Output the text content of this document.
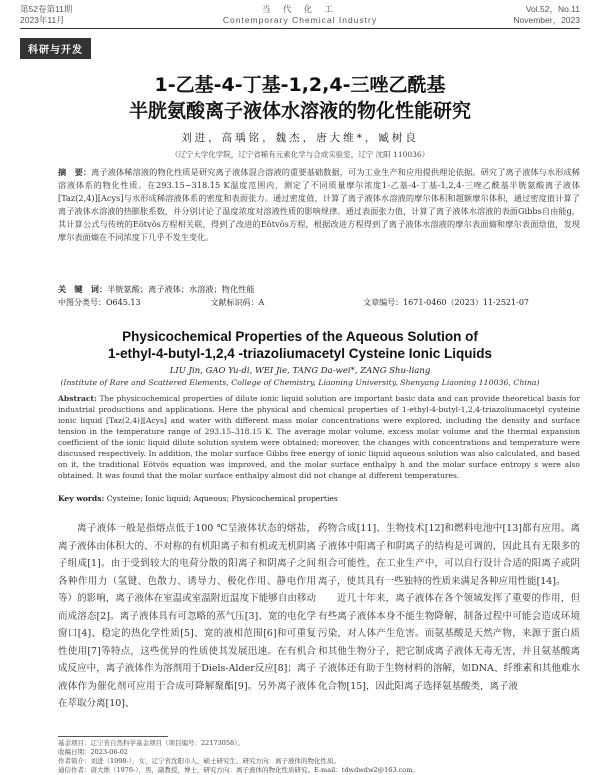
第52卷第11期
2023年11月
当 代 化 工
Contemporary Chemical Industry
Vol.52，No.11
November，2023
科研与开发
1-乙基-4-丁基-1,2,4-三唑乙酰基
半胱氨酸离子液体水溶液的物化性能研究
刘进，高瑀铭，魏杰，唐大维*，臧树良
（辽宁大学化学院，辽宁省稀有元素化学与合成实验室，辽宁 沈阳 110036）
摘　要：离子液体稀溶液的物化性质是研究离子液体混合溶液的重要基础数据，可为工业生产和应用提供理论依据。研究了离子液体与水形成稀溶液体系的物化性质。在293.15~318.15 K温度范围内，测定了不同质量摩尔浓度1-乙基-4-丁基-1,2,4-三唑乙酰基半胱氨酸离子液体[Taz(2,4)][Acys]与水形成稀溶液体系的密度和表面张力。通过密度值，计算了离子液体水溶液的摩尔体积和超额摩尔体积，通过密度值计算了离子液体水溶液的热膨胀系数，并分别讨论了温度浓度对溶液性质的影响规律。通过表面张力值，计算了离子液体水溶液的表面Gibbs自由能g，其计算公式与传统的Eötvös方程相关联，得到了改进的Eötvös方程，根据改进方程得到了离子液体水溶液的摩尔表面熵和摩尔表面焓值，发现摩尔表面熵在不同浓度下几乎不发生变化。
关　键　词：半胱氨酸；离子液体；水溶液；物化性能
中图分类号：O645.13	文献标识码：A	文章编号：1671-0460（2023）11-2521-07
Physicochemical Properties of the Aqueous Solution of
1-ethyl-4-butyl-1,2,4 -triazoliumacetyl Cysteine Ionic Liquids
LIU Jin, GAO Yu-di, WEI Jie, TANG Da-wei*, ZANG Shu-liang
(Institute of Rare and Scattered Elements, College of Chemistry, Liaoning University, Shenyang Liaoning 110036, China)
Abstract: The physicochemical properties of dilute ionic liquid solution are important basic data and can provide theoretical basis for industrial productions and applications. Here the physical and chemical properties of 1-ethyl-4-butyl-1,2,4-triazoliumacetyl cysteine ionic liquid [Taz(2,4)][Acys] and water with different mass molar concentrations were explored, including the density and surface tension in the temperature range of 293.15–318.15 K. The average molar volume, excess molar volume and the thermal expansion coefficient of the ionic liquid dilute solution system were obtained; moreover, the changes with concentrations and temperature were discussed respectively. In addition, the molar surface Gibbs free energy of ionic liquid aqueous solution was also calculated, and based on it, the traditional Eötvös equation was improved, and the molar surface enthalpy h and the molar surface entropy s were also obtained. It was found that the molar surface enthalpy almost did not change at different temperatures.
Key words: Cysteine; Ionic liquid; Aqueous; Physicochemical properties

离子液体一般是指熔点低于100 ℃呈液体状态的熔盐，离子液体由体积大的、不对称的有机阳离子和有机或无机阴离子组成[1]。由于受到较大的电荷分散的阳离子和阴离子之间各种作用力（氢键、色散力、诱导力、极化作用、静电作用等）的影响，离子液体在室温或室温附近温度下能够自由移动而成溶态[2]。离子液体具有可忽略的蒸气压[3]、宽的电化学窗口[4]、稳定的热化学性质[5]、宽的液相范围[6]和可重复性使用[7]等特点，这些优异的性质使其发展迅速。在有机合成反应中，离子液体作为溶剂用于Diels-Alder反应[8]；离子液体作为催化剂可应用于合成可降解聚酯[9]。另外离子液体在萃取分离[10]、

药物合成[11]、生物技术[12]和燃料电池中[13]都有应用。离子液体中阳离子和阴离子的结构是可调的，因此具有无限多的组合可能性，在工业生产中，可以自行设计合适的阳离子或阴离子，使其具有一些独特的性质来满足各种应用性能[14]。

近几十年来，离子液体在各个领域发挥了重要的作用，但有些离子液体本身不能生物降解，制备过程中可能会造成环境污染，对人体产生危害。而氨基酸是天然产物，来源于蛋白质和其他生物分子，把它制成离子液体无毒无害，并且氨基酸离子液体还有助于生物材料的溶解，如DNA、纤维素和其他难水化合物[15]，因此阳离子选择氨基酸类，离子液

基金项目：辽宁省自然科学基金项目（项目编号：22173058）。
收稿日期：2023-06-02
作者简介：刘进（1998-），女，辽宁省沈阳市人，硕士研究生，研究方向：离子液体的物化性质。
通信作者：唐大维（1976-），男，副教授，博士，研究方向：离子液体的物化性质研究。E-mail：tdwdwdw2@163.com。
